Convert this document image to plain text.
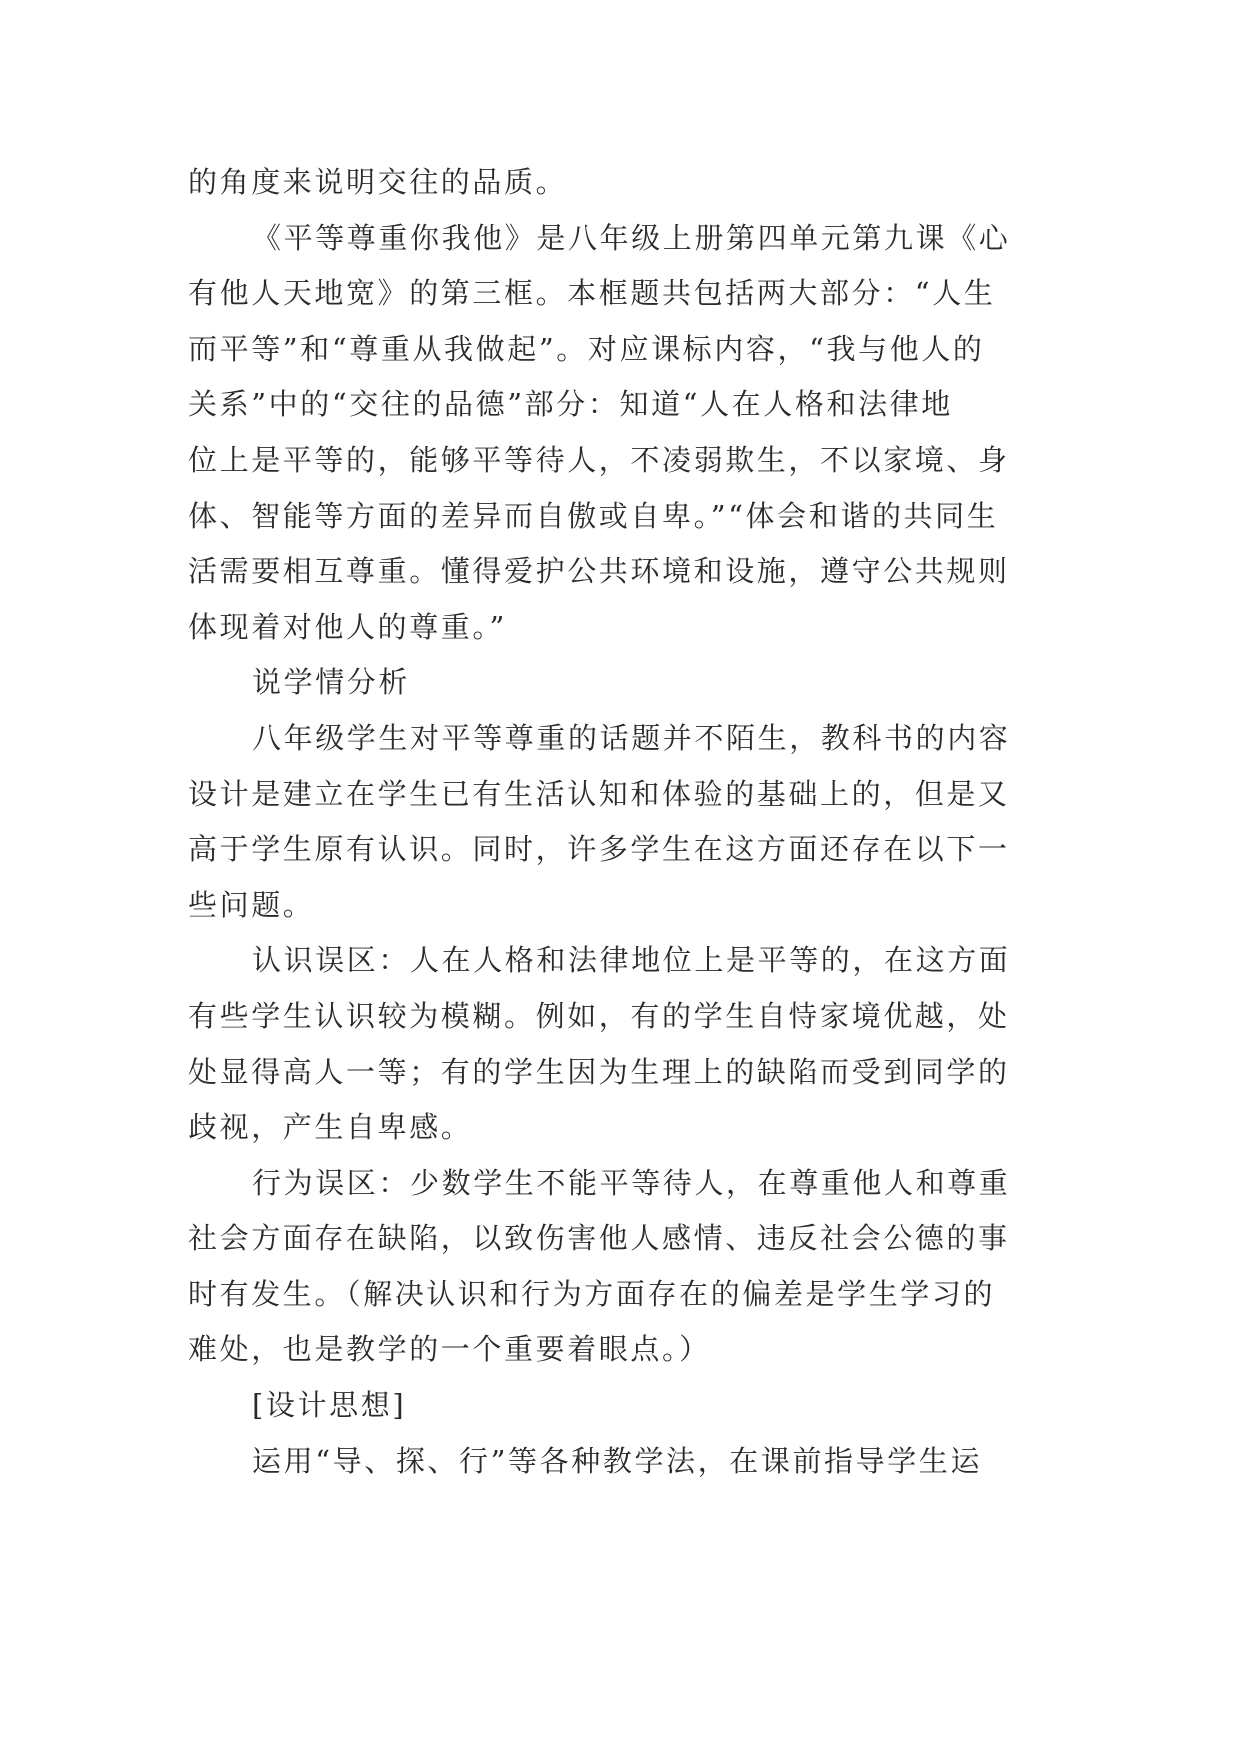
的角度来说明交往的品质。
《平等尊重你我他》是八年级上册第四单元第九课《心
有他人天地宽》的第三框。本框题共包括两大部分：“人生
而平等”和“尊重从我做起”。对应课标内容，“我与他人的
关系”中的“交往的品德”部分：知道“人在人格和法律地
位上是平等的，能够平等待人，不凌弱欺生，不以家境、身
体、智能等方面的差异而自傲或自卑。”“体会和谐的共同生
活需要相互尊重。懂得爱护公共环境和设施，遵守公共规则
体现着对他人的尊重。”
说学情分析
八年级学生对平等尊重的话题并不陌生，教科书的内容
设计是建立在学生已有生活认知和体验的基础上的，但是又
高于学生原有认识。同时，许多学生在这方面还存在以下一
些问题。
认识误区：人在人格和法律地位上是平等的，在这方面
有些学生认识较为模糊。例如，有的学生自恃家境优越，处
处显得高人一等；有的学生因为生理上的缺陷而受到同学的
歧视，产生自卑感。
行为误区：少数学生不能平等待人，在尊重他人和尊重
社会方面存在缺陷，以致伤害他人感情、违反社会公德的事
时有发生。（解决认识和行为方面存在的偏差是学生学习的
难处，也是教学的一个重要着眼点。）
[设计思想]
运用“导、探、行”等各种教学法，在课前指导学生运
